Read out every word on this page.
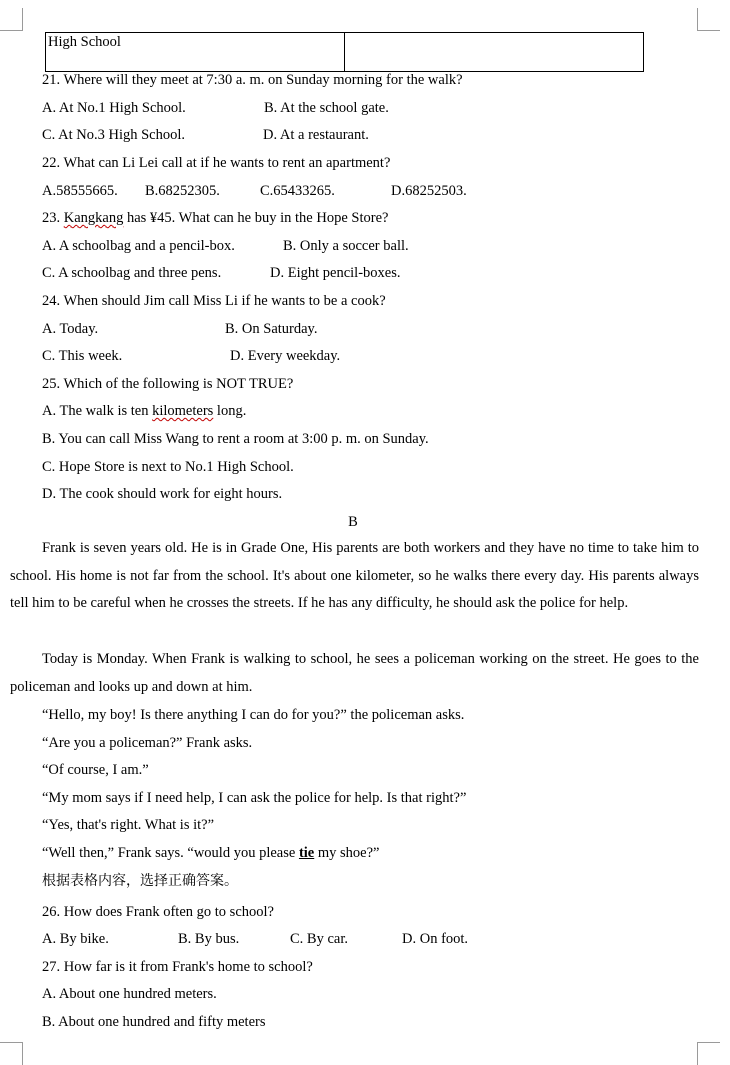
High School	
21. Where will they meet at 7:30 a. m. on Sunday morning for the walk?
A. At No.1 High School.	B. At the school gate.
C. At No.3 High School.	D. At a restaurant.
22. What can Li Lei call at if he wants to rent an apartment?
A.58555665. B.68252305.	C.65433265.	D.68252503.
23. Kangkang has ¥45. What can he buy in the Hope Store?
A. A schoolbag and a pencil-box.	B. Only a soccer ball.
C. A schoolbag and three pens.	D. Eight pencil-boxes.
24. When should Jim call Miss Li if he wants to be a cook?
A. Today.	B. On Saturday.
C. This week.	D. Every weekday.
25. Which of the following is NOT TRUE?
A. The walk is ten kilometers long.
B. You can call Miss Wang to rent a room at 3:00 p. m. on Sunday.
C. Hope Store is next to No.1 High School.
D. The cook should work for eight hours.
B

Frank is seven years old. He is in Grade One, His parents are both workers and they have no time to take him to school. His home is not far from the school. It's about one kilometer, so he walks there every day. His parents always tell him to be careful when he crosses the streets. If he has any difficulty, he should ask the police for help.

Today is Monday. When Frank is walking to school, he sees a policeman working on the street. He goes to the policeman and looks up and down at him.

“Hello, my boy! Is there anything I can do for you?” the policeman asks.
“Are you a policeman?” Frank asks.
“Of course, I am.”
“My mom says if I need help, I can ask the police for help. Is that right?”
“Yes, that's right. What is it?”
“Well then,” Frank says. “would you please tie my shoe?”
根据表格内容，选择正确答案。
26. How does Frank often go to school?
A. By bike.	B. By bus.	C. By car.	D. On foot.
27. How far is it from Frank's home to school?
A. About one hundred meters.
B. About one hundred and fifty meters
